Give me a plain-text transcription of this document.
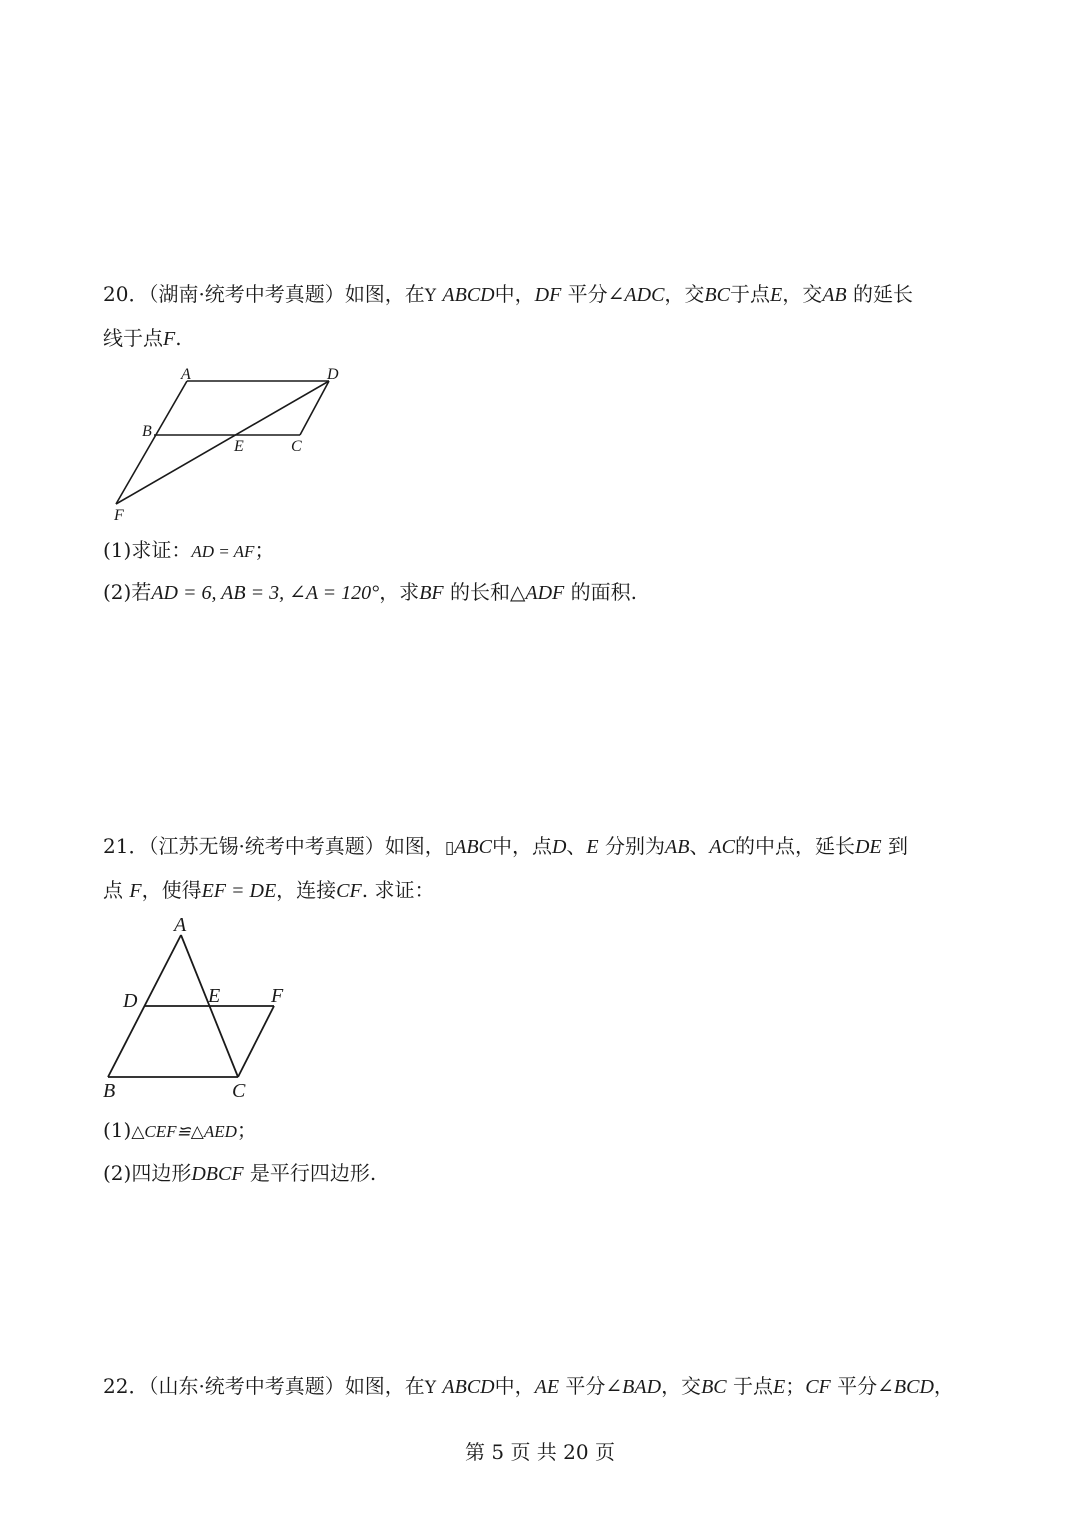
20．（湖南·统考中考真题）如图，在Y ABCD中，DF 平分∠ADC，交BC于点E，交AB 的延长
线于点F.
A	D
B
E	C
F
(1)求证：AD = AF；
(2)若AD = 6, AB = 3, ∠A = 120°，求BF 的长和△ADF 的面积.
21．（江苏无锡·统考中考真题）如图，▯ABC中，点D、E 分别为AB、AC的中点，延长DE 到
点 F，使得EF = DE，连接CF. 求证：
A
D	E	F
B	C
(1)△CEF≌△AED；
(2)四边形DBCF 是平行四边形.
22．（山东·统考中考真题）如图，在Y ABCD中，AE 平分∠BAD，交BC 于点E；CF 平分∠BCD，
第 5 页 共 20 页
